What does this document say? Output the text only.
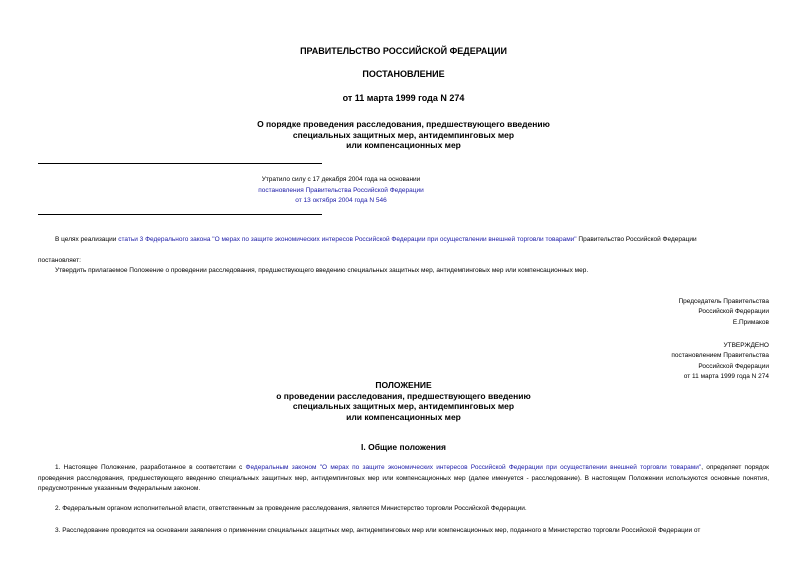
ПРАВИТЕЛЬСТВО РОССИЙСКОЙ ФЕДЕРАЦИИ
ПОСТАНОВЛЕНИЕ
от 11 марта 1999 года N 274
О порядке проведения расследования, предшествующего введению
специальных защитных мер, антидемпинговых мер
или компенсационных мер
Утратило силу с 17 декабря 2004 года на основании
постановления Правительства Российской Федерации
от 13 октября 2004 года N 546
В целях реализации статьи 3 Федерального закона "О мерах по защите экономических интересов Российской Федерации при осуществлении внешней торговли товарами" Правительство Российской Федерации
постановляет:
Утвердить прилагаемое Положение о проведении расследования, предшествующего введению специальных защитных мер, антидемпинговых мер или компенсационных мер.
Председатель Правительства
Российской Федерации
Е.Примаков
УТВЕРЖДЕНО
постановлением Правительства
Российской Федерации
от 11 марта 1999 года N 274
ПОЛОЖЕНИЕ
о проведении расследования, предшествующего введению
специальных защитных мер, антидемпинговых мер
или компенсационных мер
I. Общие положения
1. Настоящее Положение, разработанное в соответствии с Федеральным законом "О мерах по защите экономических интересов Российской Федерации при осуществлении внешней торговли товарами", определяет порядок проведения расследования, предшествующего введению специальных защитных мер, антидемпинговых мер или компенсационных мер (далее именуется - расследование). В настоящем Положении используются основные понятия, предусмотренные указанным Федеральным законом.
2. Федеральным органом исполнительной власти, ответственным за проведение расследования, является Министерство торговли Российской Федерации.
3. Расследование проводится на основании заявления о применении специальных защитных мер, антидемпинговых мер или компенсационных мер, поданного в Министерство торговли Российской Федерации от
